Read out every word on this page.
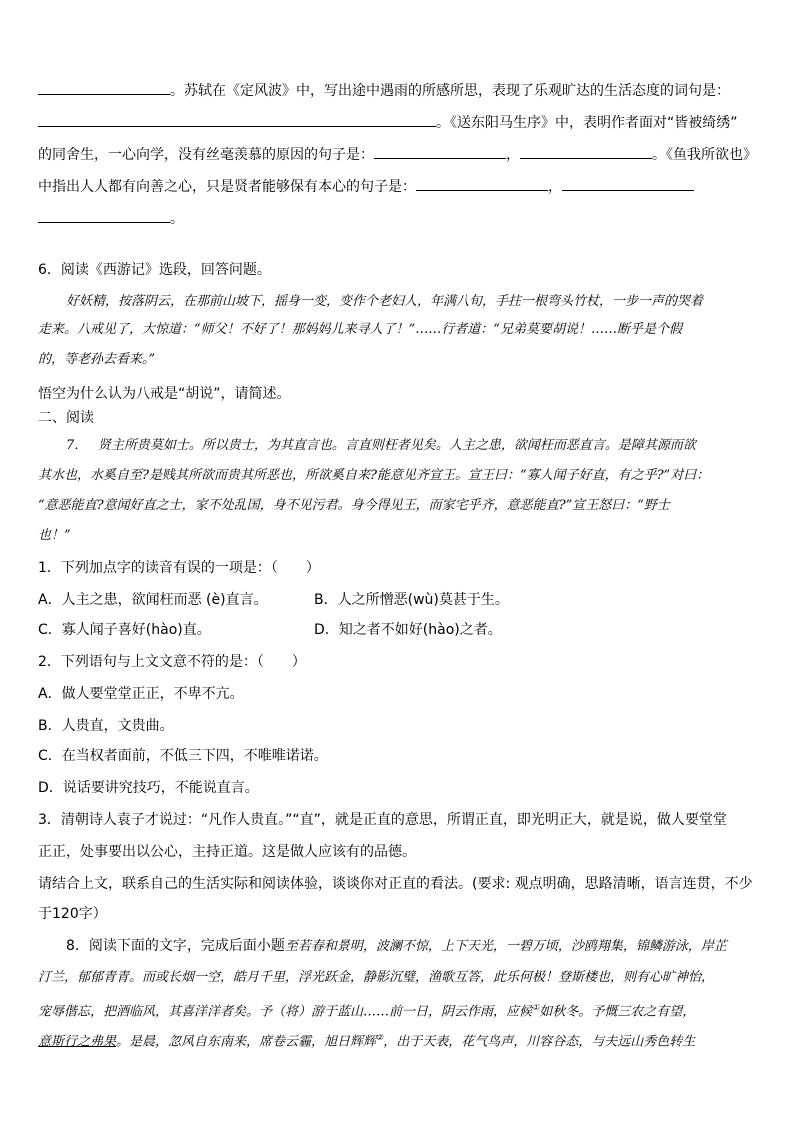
。苏轼在《定风波》中，写出途中遇雨的所感所思，表现了乐观旷达的生活态度的词句是：
。《送东阳马生序》中，表明作者面对“皆被绮绣”
的同舍生，一心向学，没有丝毫羡慕的原因的句子是：	，	。《鱼我所欲也》
中指出人人都有向善之心，只是贤者能够保有本心的句子是：	，
。
6．阅读《西游记》选段，回答问题。
好妖精，按落阴云，在那前山坡下，摇身一变，变作个老妇人，年满八旬，手拄一根弯头竹杖，一步一声的哭着
走来。八戒见了，大惊道：“师父！不好了！那妈妈儿来寻人了！”……行者道：“兄弟莫要胡说！……断乎是个假
的，等老孙去看来。”
悟空为什么认为八戒是“胡说”，请简述。
二、阅读
7．　 贤主所贵莫如士。所以贵士，为其直言也。言直则枉者见矣。人主之患，欲闻枉而恶直言。是障其源而欲
其水也，水奚自至?是贱其所欲而贵其所恶也，所欲奚自来?能意见齐宣王。宣王曰：“寡人闻子好直，有之乎?”对曰：
“意恶能直?意闻好直之士，家不处乱国，身不见污君。身今得见王，而家宅乎齐，意恶能直?”宣王怒曰：“野士
也！”
1．下列加点字的读音有误的一项是：（　　）
A．人主之患，欲闻枉而恶 (è)直言。	B．人之所憎恶(wù)莫甚于生。
C．寡人闻子喜好(hào)直。	D．知之者不如好(hào)之者。
2．下列语句与上文文意不符的是：（　　）
A．做人要堂堂正正，不卑不亢。
B．人贵直，文贵曲。
C．在当权者面前，不低三下四，不唯唯诺诺。
D．说话要讲究技巧，不能说直言。
3．清朝诗人袁子才说过：“凡作人贵直。”“直”，就是正直的意思，所谓正直，即光明正大，就是说，做人要堂堂
正正，处事要出以公心，主持正道。这是做人应该有的品德。
请结合上文，联系自己的生活实际和阅读体验，谈谈你对正直的看法。(要求: 观点明确，思路清晰，语言连贯，不少
于120字）
8．阅读下面的文字，完成后面小题至若春和景明，波澜不惊，上下天光，一碧万顷，沙鸥翔集，锦鳞游泳，岸芷
汀兰，郁郁青青。而或长烟一空，皓月千里，浮光跃金，静影沉璧，渔歌互答，此乐何极！登斯楼也，则有心旷神怡，
宠辱偕忘，把酒临风，其喜洋洋者矣。予（将）游于蓝山……前一日，阴云作雨，应候①如秋冬。予慨三农之有望，
意斯行之弗果。是晨，忽风自东南来，席卷云霾，旭日辉辉②，出于天表，花气鸟声，川容谷态，与夫远山秀色转生
